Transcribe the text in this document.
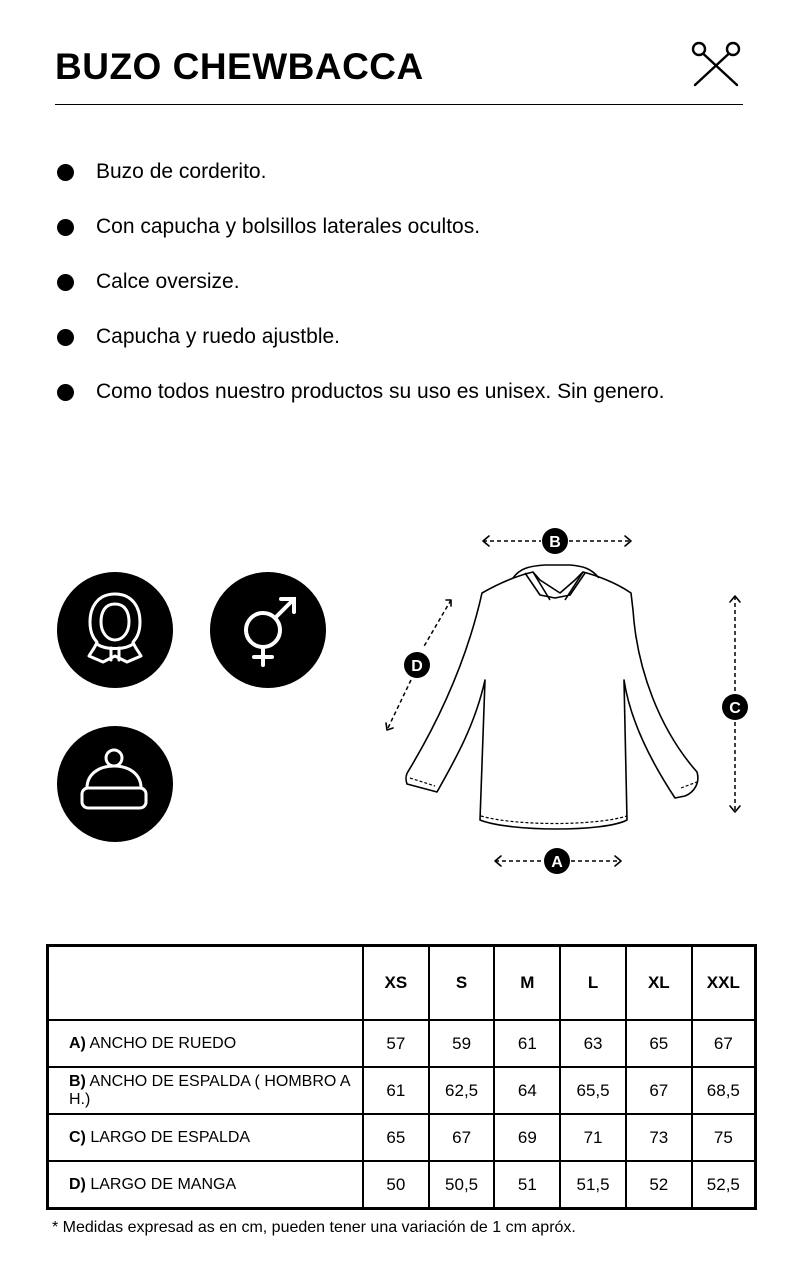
BUZO CHEWBACCA
Buzo de corderito.
Con capucha y bolsillos laterales ocultos.
Calce oversize.
Capucha y ruedo ajustble.
Como todos nuestro productos su uso es unisex. Sin genero.
B
A
C
D
	XS	S	M	L	XL	XXL
A) ANCHO DE RUEDO	57	59	61	63	65	67
B) ANCHO DE ESPALDA ( HOMBRO A H.)	61	62,5	64	65,5	67	68,5
C) LARGO DE ESPALDA	65	67	69	71	73	75
D) LARGO DE MANGA	50	50,5	51	51,5	52	52,5
* Medidas expresad as en cm, pueden tener una variación de 1 cm apróx.
